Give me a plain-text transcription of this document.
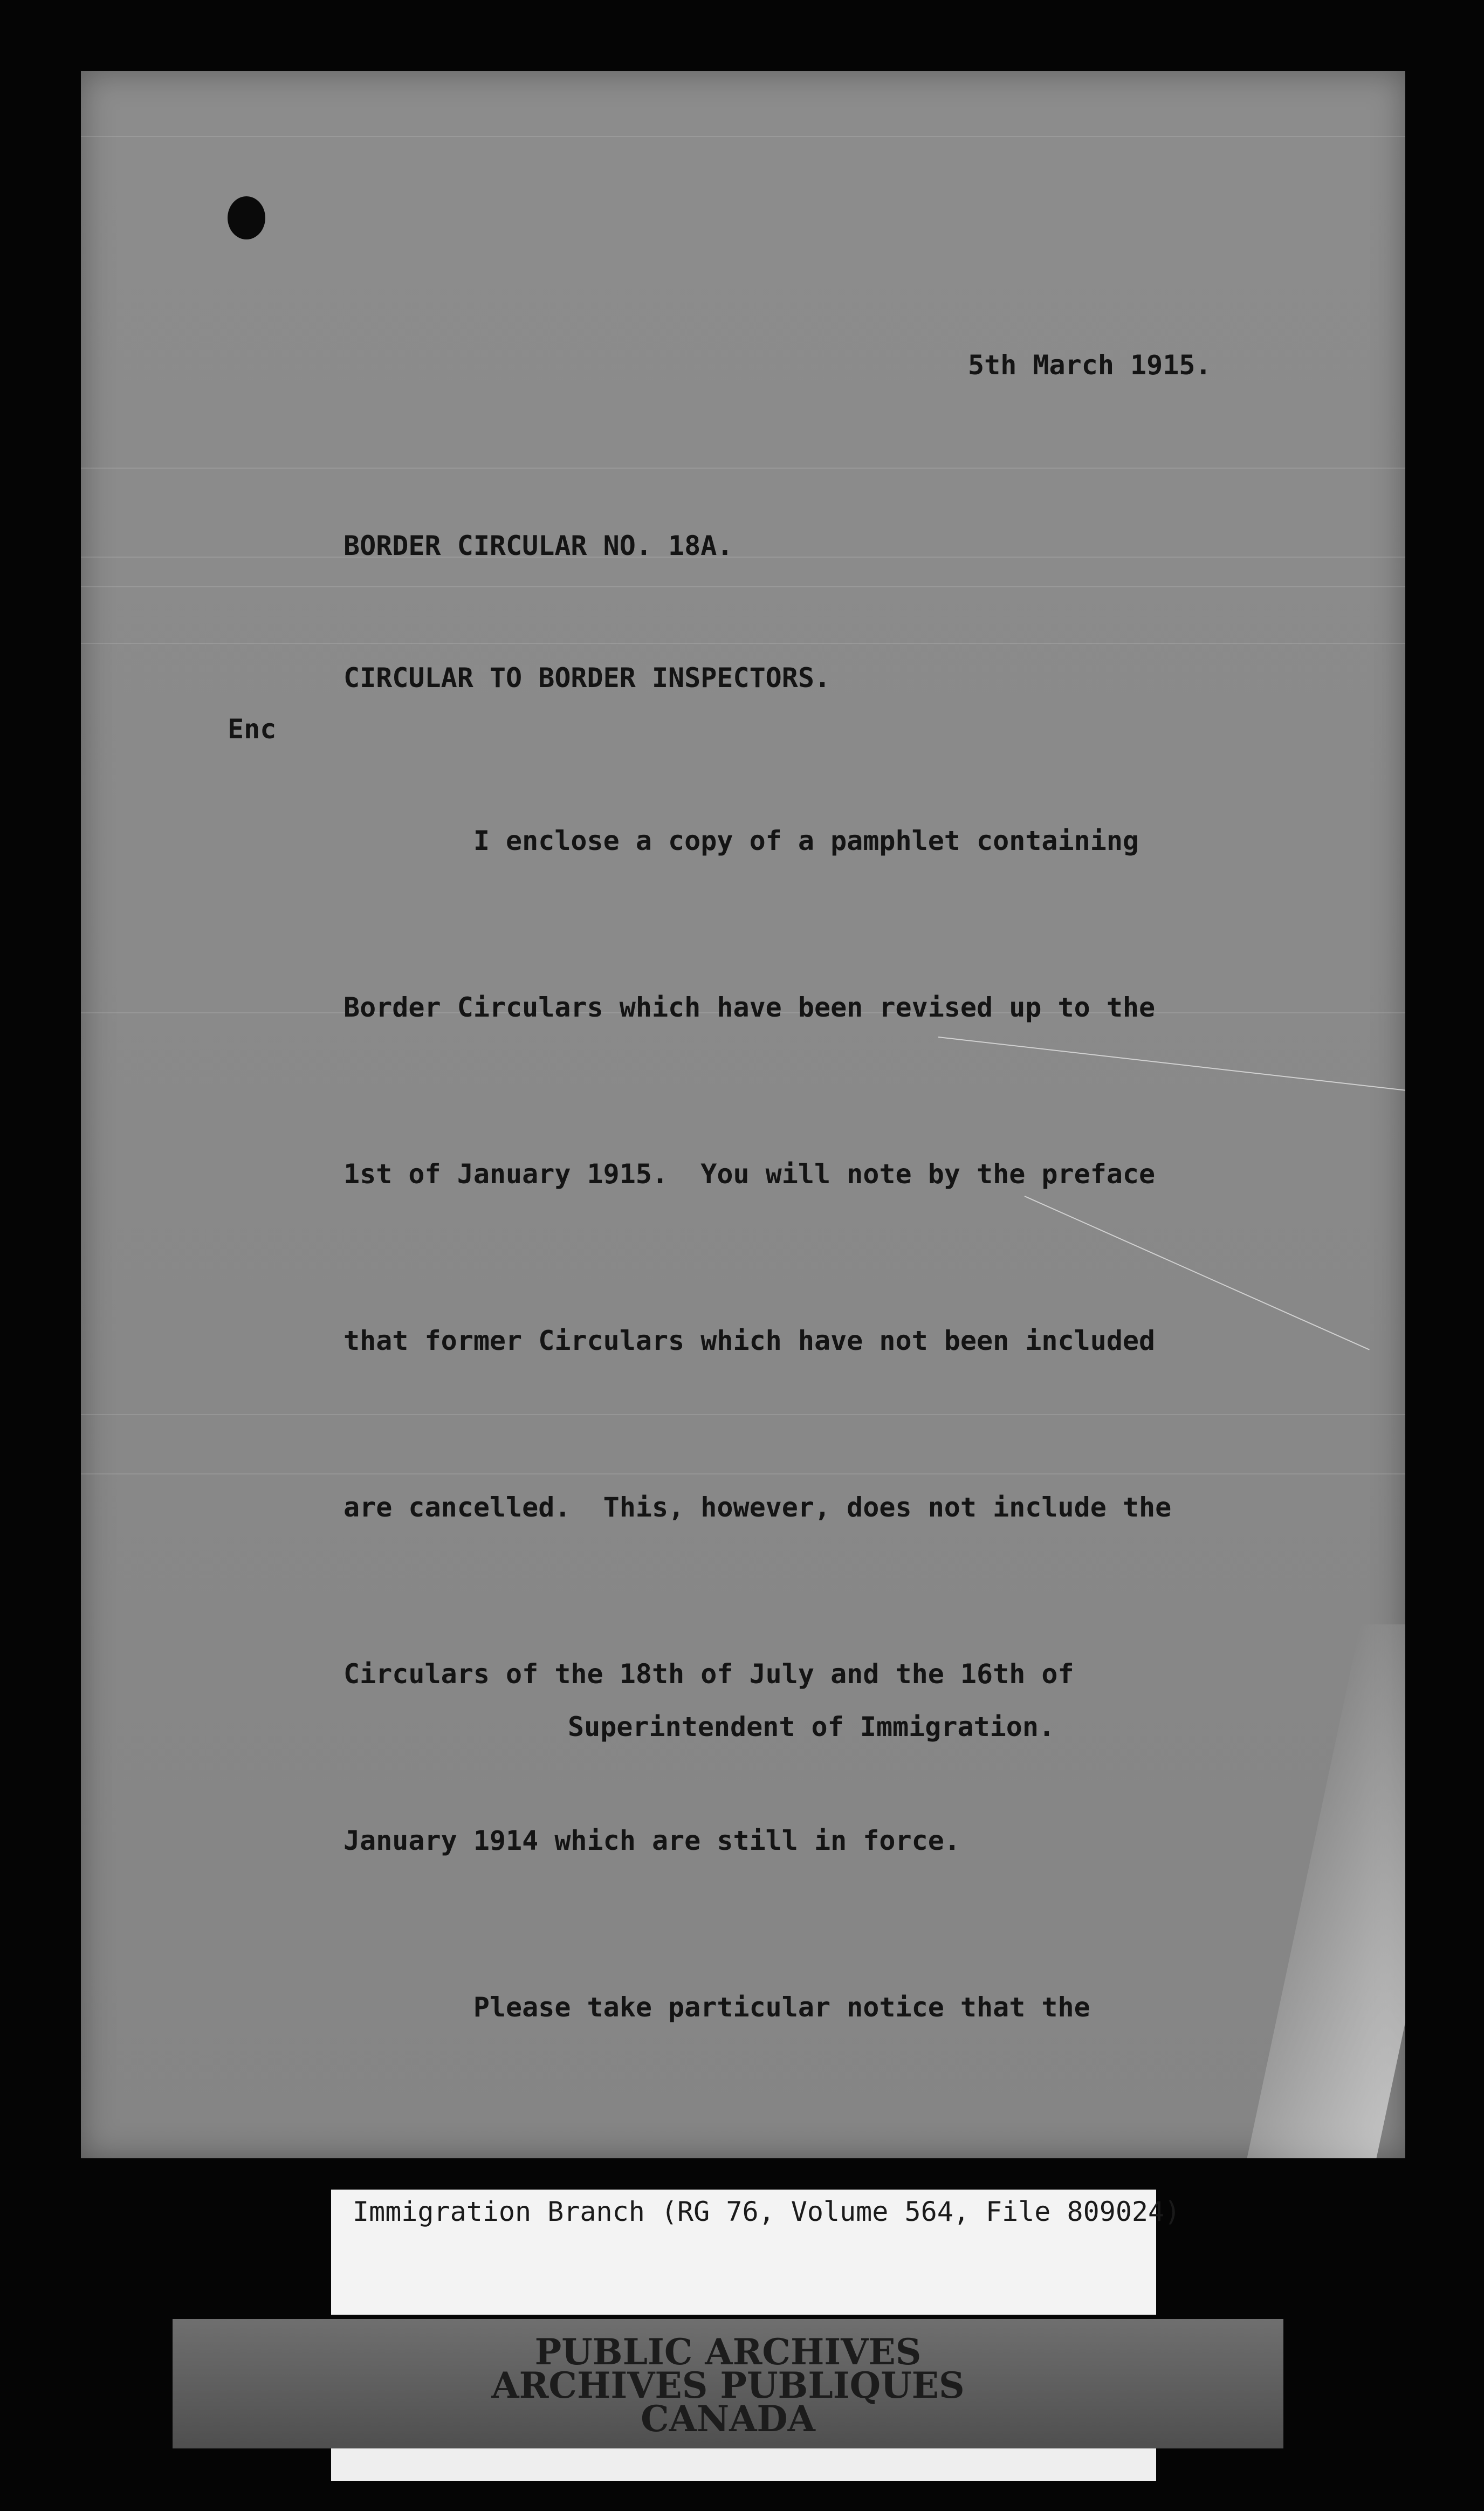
5th March 1915.

BORDER CIRCULAR NO. 18A.

CIRCULAR TO BORDER INSPECTORS.

Enc

I enclose a copy of a pamphlet containing

Border Circulars which have been revised up to the

1st of January 1915.  You will note by the preface

that former Circulars which have not been included

are cancelled.  This, however, does not include the

Circulars of the 18th of July and the 16th of

January 1914 which are still in force.

Please take particular notice that the

Superintendent of Immigration.

Immigration Branch (RG 76, Volume 564, File 809024)

PUBLIC ARCHIVES

ARCHIVES PUBLIQUES

CANADA
